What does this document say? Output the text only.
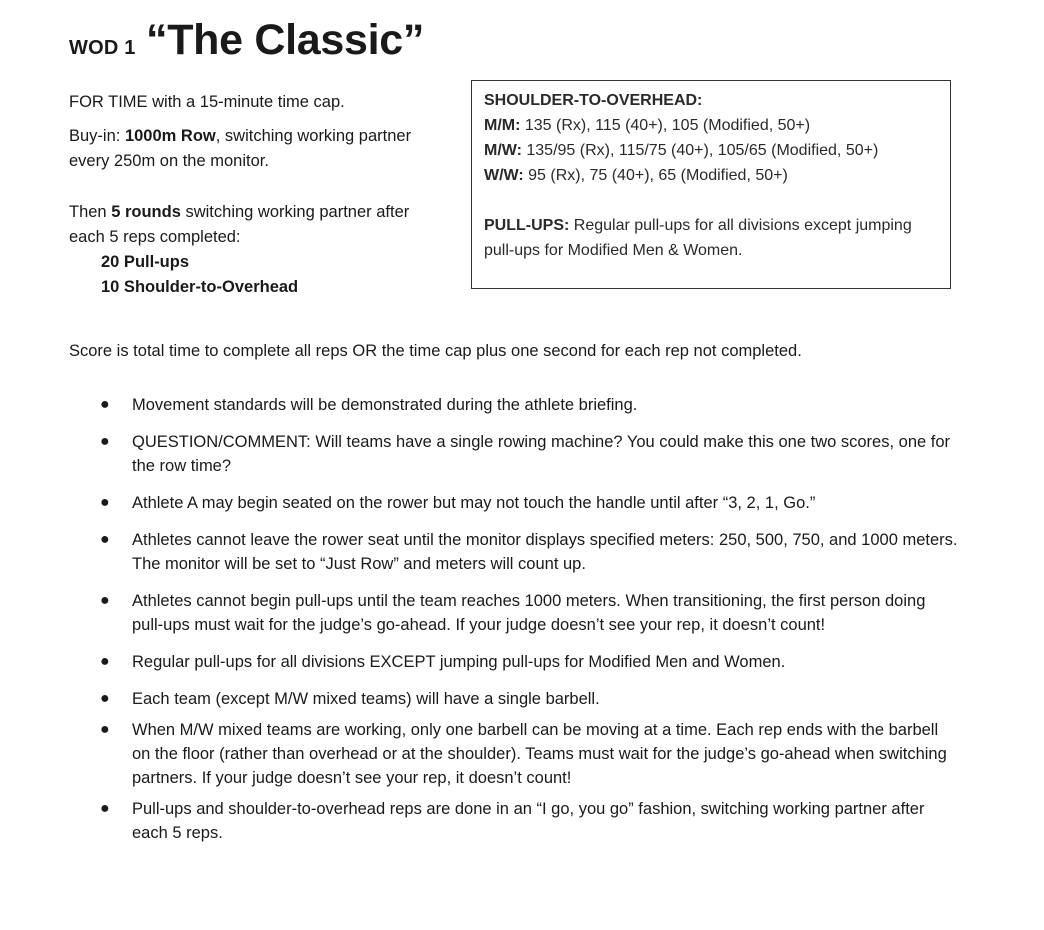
WOD 1 “The Classic”

FOR TIME with a 15-minute time cap.

Buy-in: 1000m Row, switching working partner every 250m on the monitor.

Then 5 rounds switching working partner after each 5 reps completed:

20 Pull-ups
10 Shoulder-to-Overhead

SHOULDER-TO-OVERHEAD:

M/M: 135 (Rx), 115 (40+), 105 (Modified, 50+)

M/W: 135/95 (Rx), 115/75 (40+), 105/65 (Modified, 50+)

W/W: 95 (Rx), 75 (40+), 65 (Modified, 50+)

PULL-UPS: Regular pull-ups for all divisions except jumping pull-ups for Modified Men & Women.

Score is total time to complete all reps OR the time cap plus one second for each rep not completed.
● Movement standards will be demonstrated during the athlete briefing.
● QUESTION/COMMENT: Will teams have a single rowing machine? You could make this one two scores, one for the row time?
● Athlete A may begin seated on the rower but may not touch the handle until after “3, 2, 1, Go.”
● Athletes cannot leave the rower seat until the monitor displays specified meters: 250, 500, 750, and 1000 meters. The monitor will be set to “Just Row” and meters will count up.
● Athletes cannot begin pull-ups until the team reaches 1000 meters. When transitioning, the first person doing pull-ups must wait for the judge’s go-ahead. If your judge doesn’t see your rep, it doesn’t count!
● Regular pull-ups for all divisions EXCEPT jumping pull-ups for Modified Men and Women.
● Each team (except M/W mixed teams) will have a single barbell.
● When M/W mixed teams are working, only one barbell can be moving at a time. Each rep ends with the barbell on the floor (rather than overhead or at the shoulder). Teams must wait for the judge’s go-ahead when switching partners. If your judge doesn’t see your rep, it doesn’t count!
● Pull-ups and shoulder-to-overhead reps are done in an “I go, you go” fashion, switching working partner after each 5 reps.
